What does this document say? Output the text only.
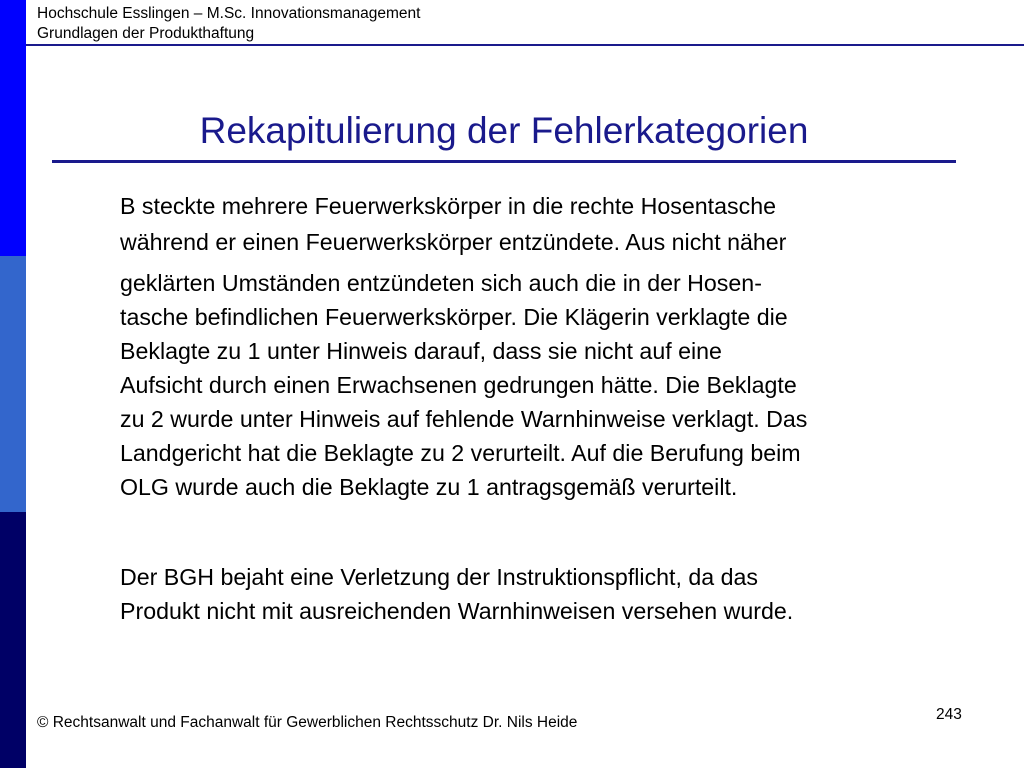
Hochschule Esslingen – M.Sc. Innovationsmanagement
Grundlagen der Produkthaftung
Rekapitulierung der Fehlerkategorien
B steckte mehrere Feuerwerkskörper in die rechte Hosentasche
während er einen Feuerwerkskörper entzündete. Aus nicht näher
geklärten Umständen entzündeten sich auch die in der Hosen-
tasche befindlichen Feuerwerkskörper. Die Klägerin verklagte die
Beklagte zu 1 unter Hinweis darauf, dass sie nicht auf eine
Aufsicht durch einen Erwachsenen gedrungen hätte. Die Beklagte
zu 2 wurde unter Hinweis auf fehlende Warnhinweise verklagt. Das
Landgericht hat die Beklagte zu 2 verurteilt. Auf die Berufung beim
OLG wurde auch die Beklagte zu 1 antragsgemäß verurteilt.
Der BGH bejaht eine Verletzung der Instruktionspflicht, da das
Produkt nicht mit ausreichenden Warnhinweisen versehen wurde.
243
© Rechtsanwalt und Fachanwalt für Gewerblichen Rechtsschutz Dr. Nils Heide
